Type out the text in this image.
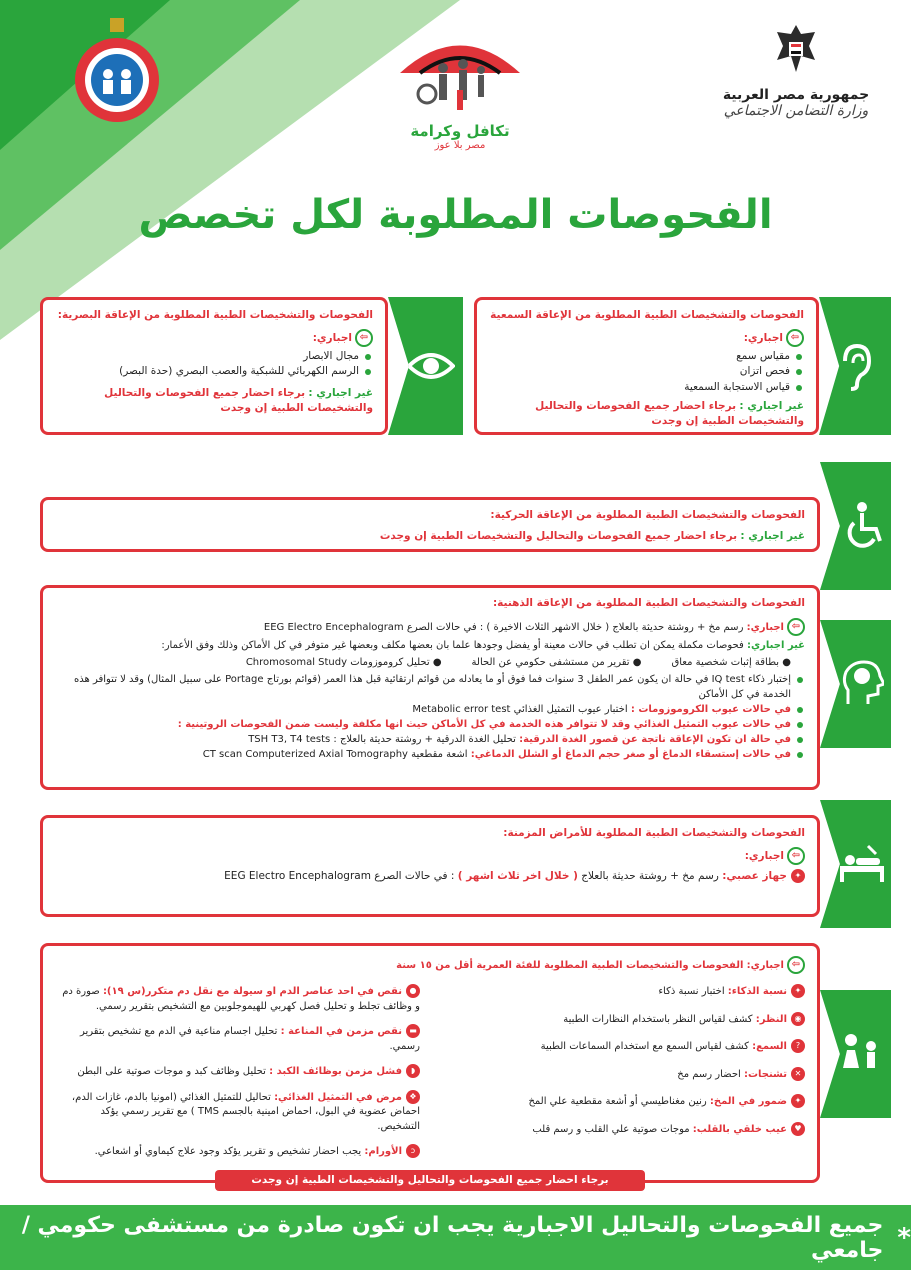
تكافل وكرامة
مصر بلا عوز
جمهورية مصر العربية
وزارة التضامن الاجتماعي
الفحوصات المطلوبة لكل تخصص
الفحوصات والتشخيصات الطبية المطلوبة من الإعاقة السمعية
⇦اجباري:
مقياس سمع
فحص اتزان
قياس الاستجابة السمعية
غير اجباري : برجاء احضار جميع الفحوصات والتحاليل والتشخيصات الطبية إن وجدت
الفحوصات والتشخيصات الطبية المطلوبة من الإعاقة البصرية:
⇦اجباري:
مجال الابصار
الرسم الكهربائي للشبكية والعصب البصري (حدة البصر)
غير اجباري : برجاء احضار جميع الفحوصات والتحاليل والتشخيصات الطبية إن وجدت
الفحوصات والتشخيصات الطبية المطلوبة من الإعاقة الحركية:
غير اجباري : برجاء احضار جميع الفحوصات والتحاليل والتشخيصات الطبية إن وجدت
الفحوصات والتشخيصات الطبية المطلوبة من الإعاقة الذهنية:
⇦اجباري: رسم مخ + روشتة حديثة بالعلاج ( خلال الاشهر الثلاث الاخيرة ) : في حالات الصرع EEG Electro Encephalogram
غير اجباري: فحوصات مكملة يمكن ان تطلب في حالات معينة أو يفضل وجودها علما بان بعضها مكلف وبعضها غير متوفر في كل الأماكن وذلك وفق الأعمار:
● بطاقة إثبات شخصية معاق
● تقرير من مستشفى حكومي عن الحالة
● تحليل كروموزومات Chromosomal Study
إختبار ذكاء IQ test في حالة ان يكون عمر الطفل 3 سنوات فما فوق أو ما يعادله من قوائم ارتقائية قبل هذا العمر (قوائم بورتاج Portage على سبيل المثال) وقد لا تتوافر هذه الخدمة في كل الأماكن
في حالات عيوب الكروموزومات : اختبار عيوب التمثيل الغذائي Metabolic error test
في حالات عيوب التمثيل الغذائي وقد لا تتوافر هذه الخدمة في كل الأماكن حيث انها مكلفة وليست ضمن الفحوصات الروتينية :
في حالة ان تكون الإعاقة ناتجة عن قصور الغدة الدرقية: تحليل الغدة الدرقية + روشتة حديثة بالعلاج : TSH T3, T4 tests
في حالات إستسقاء الدماغ أو صغر حجم الدماغ أو الشلل الدماغي: اشعة مقطعية CT scan Computerized Axial Tomography
الفحوصات والتشخيصات الطبية المطلوبة للأمراض المزمنة:
⇦اجباري:
✦جهاز عصبي: رسم مخ + روشتة حديثة بالعلاج ( خلال اخر ثلاث اشهر ) : في حالات الصرع EEG Electro Encephalogram
⇦اجباري: الفحوصات والتشخيصات الطبية المطلوبة للفئة العمرية أقل من ١٥ سنة
✦نسبة الذكاء: اختبار نسبة ذكاء
◉النظر: كشف لقياس النظر باستخدام النظارات الطبية
?السمع: كشف لقياس السمع مع استخدام السماعات الطبية
✕تشنجات: احضار رسم مخ
✦ضمور في المخ: رنين مغناطيسي أو أشعة مقطعية علي المخ
♥عيب خلقي بالقلب: موجات صوتية علي القلب و رسم قلب
●نقص في احد عناصر الدم او سيولة مع نقل دم متكرر(س ١٩): صورة دم و وظائف تجلط و تحليل فصل كهربي للهيموجلوبين مع التشخيص بتقرير رسمي.
▬نقص مزمن في المناعة : تحليل اجسام مناعية في الدم مع تشخيص بتقرير رسمي.
◗فشل مزمن بوظائف الكبد : تحليل وظائف كبد و موجات صوتية على البطن
❖مرض في التمثيل الغذائي: تحاليل للتمثيل الغذائي (امونيا بالدم، غازات الدم، احماض عضوية في البول، احماض امينية بالجسم TMS ) مع تقرير رسمي يؤكد التشخيص.
ↄالأورام: يجب احضار تشخيص و تقرير يؤكد وجود علاج كيماوي أو اشعاعي.
برجاء احضار جميع الفحوصات والتحاليل والتشخيصات الطبية إن وجدت
*
جميع الفحوصات والتحاليل الاجبارية يجب ان تكون صادرة من مستشفى حكومي / جامعي
